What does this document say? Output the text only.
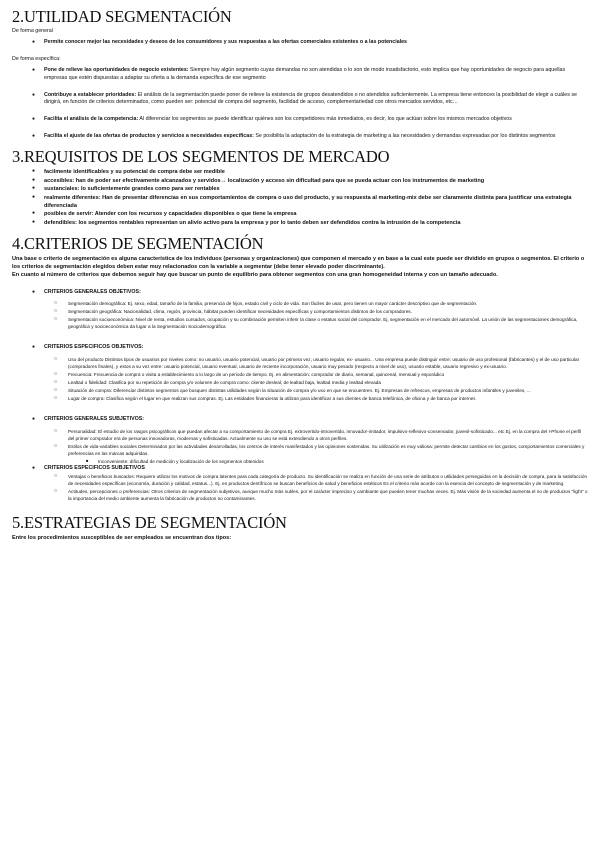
2.UTILIDAD SEGMENTACIÓN

De forma general

● Permite conocer mejor las necesidades y deseos de los consumidores y sus respuestas a las ofertas comerciales existentes o a las potenciales

De forma específica:

● Pone de relieve las oportunidades de negocio existentes: Siempre hay algún segmento cuyas demandas no son atendidas o lo son de modo insatisfactorio, esto implica que hay oportunidades de negocio para aquellas empresas que estén dispuestas a adaptar su oferta a la demanda específica de ese segmento
● Contribuye a establecer prioridades: El análisis de la segmentación puede poner de relieve la existencia de grupos desatendidos o no atendidos suficientemente. La empresa tiene entonces la posibilidad de elegir a cuáles se dirigirá, en función de criterios determinados, como pueden ser: potencial de compra del segmento, facilidad de acceso, complementariedad con otros mercados servidos, etc…
● Facilita el análisis de la competencia: Al diferenciar los segmentos se puede identificar quiénes son los competidores más inmediatos, es decir, los que actúan sobre los mismos mercados objetivos
● Facilita el ajuste de las ofertas de productos y servicios a necesidades específicas: Se posibilita la adaptación de la estrategia de marketing a las necesidades y demandas expresadas por los distintos segmentos
3.REQUISITOS DE LOS SEGMENTOS DE MERCADO
● facilmente identificables y su potencial de compra debe ser medible
● accesibles: han de poder ser efectivamente alcanzados y servidos→ localización y acceso sin dificultad para que se pueda actuar con los instrumentos de marketing
● sustanciales: lo suficientemente grandes como para ser rentables
● realmente diferentes: Han de presentar diferencias en sus comportamientos de compra o uso del producto, y su respuesta al marketing-mix debe ser claramente distinta para justificar una estrategia diferenciada
● posibles de servir: Atender con los recursos y capacidades disponibles o que tiene la empresa
● defendibles: los segmentos rentables representan un alivio activo para la empresa y por lo tanto deben ser defendidos contra la intrusión de la competencia
4.CRITERIOS DE SEGMENTACIÓN

Una base o criterio de segmentación es alguna característica de los individuos (personas y organizaciones) que componen el mercado y en base a la cual este puede ser dividido en grupos o segmentos. El criterio o los criterios de segmentación elegidos deben estar muy relacionados con la variable a segmentar (debe tener elevado poder discriminante).

En cuanto al número de criterios que debemos seguir hay que buscar un punto de equilibrio para obtener segmentos con una gran homogeneidad interna y con un tamaño adecuado.

● CRITERIOS GENERALES OBJETIVOS:
○ Segmentación demográfica: Ej. sexo, edad, tamaño de la familia, presencia de hijos, estado civil y ciclo de vida. Son fáciles de usar, pero tienen un mayor carácter descriptivo que de segmentación.
○ Segmentación geográfica: Nacionalidad, clima, región, provincia, hábitat pueden identificar necesidades específicas y comportamientos distintos de los compradores.
○ Segmentación socioeconómica: Nivel de renta, estudios cursados, ocupación y su combinación permiten inferir la clase o estatus social del comprador. Ej. segmentación en el mercado del automóvil. La unión de las segmentaciones demográfica, geográfica y socioeconómica da lugar a la Segmentación Sociodemográfica
● CRITERIOS ESPECIFICOS OBJETIVOS:
○ Uso del producto Distintos tipos de usuarios por niveles como: no usuario, usuario potencial, usuario por primera vez, usuario regular, ex- usuario... Una empresa puede distinguir entre: usuario de uso profesional (fabricantes) y el de uso particular (compradores finales), y estos a su vez entre: usuario potencial, usuario eventual, usuario de reciente incorporación, usuario muy pesado (respecto a nivel de uso), usuario estable, usuario regresivo y ex-usuario.
○ Frecuencia: Frecuencia de compra o visita a establecimiento a lo largo de un periodo de tiempo. Ej. en alimentación: comprador de diario, semanal, quincenal, mensual y esporádico
○ Lealtad o fidelidad: Clasifica por su repetición de compra y/o volumen de compra como: cliente desleal, de lealtad baja, lealtad media y lealtad elevada
○ Situación de compra: Diferenciar distintos segmentos que busquen distintas utilidades según la situación de compra y/o uso en que se encuentren. Ej. Empresas de refrescos, empresas de productos infantiles y juveniles, ...
○ Lugar de compra: Clasifica según el lugar en que realizan sus compras. Ej. Las entidades financieras la utilizan para identificar a sus clientes de banca telefónica, de oficina y de banca por internet.
● CRITERIOS GENERALES SUBJETIVOS:
○ Personalidad: El estudio de los rasgos psicográficos que puedan afectar a su comportamiento de compra Ej. extrovertido-introvertido, innovador-imitador, impulsivo-reflexivo-conservador, juvenil-sofisticado... etc Ej. en la compra del I-Phone el perfil del primer comprador era de personas innovadoras, modernas y sofisticadas. Actualmente su uso se está extendiendo a otros perfiles.
○ Estilos de vida-variables sociales Determinados por las actividades desarrolladas, los centros de interés manifestados y las opiniones sostenidas. Su utilización es muy valiosa: permite detectar cambios en los gustos, comportamientos comerciales y preferencias en las marcas adquiridas.
■ Inconveniente: dificultad de medición y localización de los segmentos obtenidos
● CRITERIOS ESPECIFICOS SUBJETIVOS
○ Ventajas o beneficios buscados: Requiere utilizar los motivos de compra latentes para cada categoría de producto. Su identificación se realiza en función de una serie de atributos o utilidades perseguidas en la decisión de compra, para la satisfacción de necesidades específicas (economía, duración y calidad, estatus...). Ej. en productos dentífricos se buscan beneficios de salud y beneficios estéticos Es el criterio más acorde con la esencia del concepto de segmentación y de marketing.
○ Actitudes, percepciones o preferencias: Otros criterios de segmentación subjetivos, aunque mucho más sutiles, por el carácter impreciso y cambiante que pueden tener muchas veces. Ej. Más visión de la sociedad aumenta el no de productos "light" o la importancia del medio ambiente aumenta la fabricación de productos no contaminantes.
5.ESTRATEGIAS DE SEGMENTACIÓN

Entre los procedimientos susceptibles de ser empleados se encuentran dos tipos:
